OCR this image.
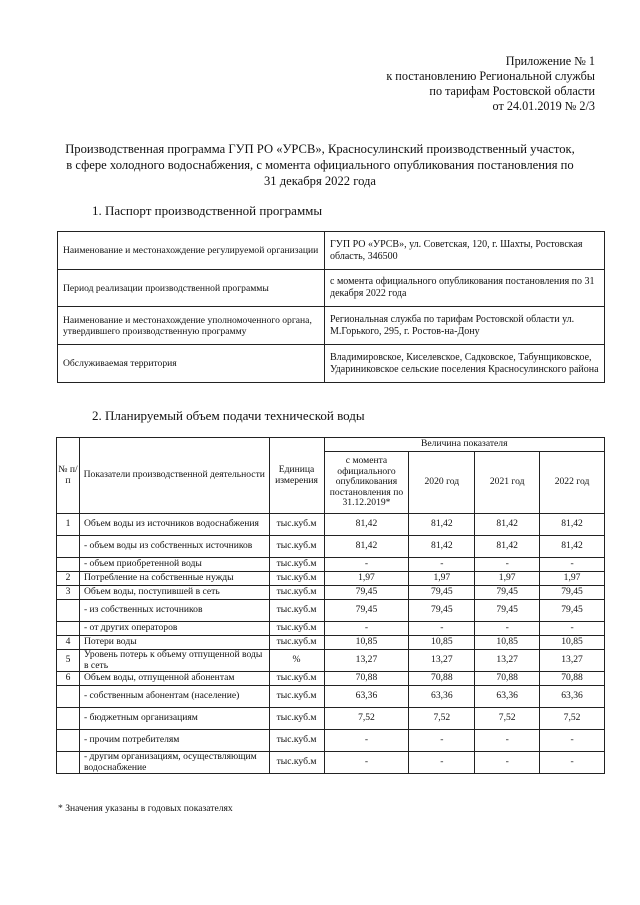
Приложение № 1
к постановлению Региональной службы
по тарифам Ростовской области
от 24.01.2019 № 2/3
Производственная программа ГУП РО «УРСВ», Красносулинский производственный участок,
в сфере холодного водоснабжения, с момента официального опубликования постановления по
31 декабря 2022 года
1. Паспорт производственной программы
Наименование и местонахождение регулируемой организации	ГУП РО «УРСВ», ул. Советская, 120, г. Шахты, Ростовская область, 346500
Период реализации производственной программы	с момента официального опубликования постановления по 31 декабря 2022 года
Наименование и местонахождение уполномоченного органа, утвердившего производственную программу	Региональная служба по тарифам Ростовской области ул. М.Горького, 295, г. Ростов-на-Дону
Обслуживаемая территория	Владимировское, Киселевское, Садковское, Табунщиковское, Удариниковское сельские поселения Красносулинского района
2. Планируемый объем подачи технической воды
№ п/п	Показатели производственной деятельности	Единица измерения	Величина показателя			
			с момента официального опубликования постановления по 31.12.2019*	2020 год	2021 год	2022 год
1	Объем воды из источников водоснабжения	тыс.куб.м	81,42	81,42	81,42	81,42
	- объем воды из собственных источников	тыс.куб.м	81,42	81,42	81,42	81,42
	- объем приобретенной воды	тыс.куб.м	-	-	-	-
2	Потребление на собственные нужды	тыс.куб.м	1,97	1,97	1,97	1,97
3	Объем воды, поступившей в сеть	тыс.куб.м	79,45	79,45	79,45	79,45
	- из собственных источников	тыс.куб.м	79,45	79,45	79,45	79,45
	- от других операторов	тыс.куб.м	-	-	-	-
4	Потери воды	тыс.куб.м	10,85	10,85	10,85	10,85
5	Уровень потерь к объему отпущенной воды в сеть	%	13,27	13,27	13,27	13,27
6	Объем воды, отпущенной абонентам	тыс.куб.м	70,88	70,88	70,88	70,88
	- собственным абонентам (население)	тыс.куб.м	63,36	63,36	63,36	63,36
	- бюджетным организациям	тыс.куб.м	7,52	7,52	7,52	7,52
	- прочим потребителям	тыс.куб.м	-	-	-	-
	- другим организациям, осуществляющим водоснабжение	тыс.куб.м	-	-	-	-
* Значения указаны в годовых показателях
